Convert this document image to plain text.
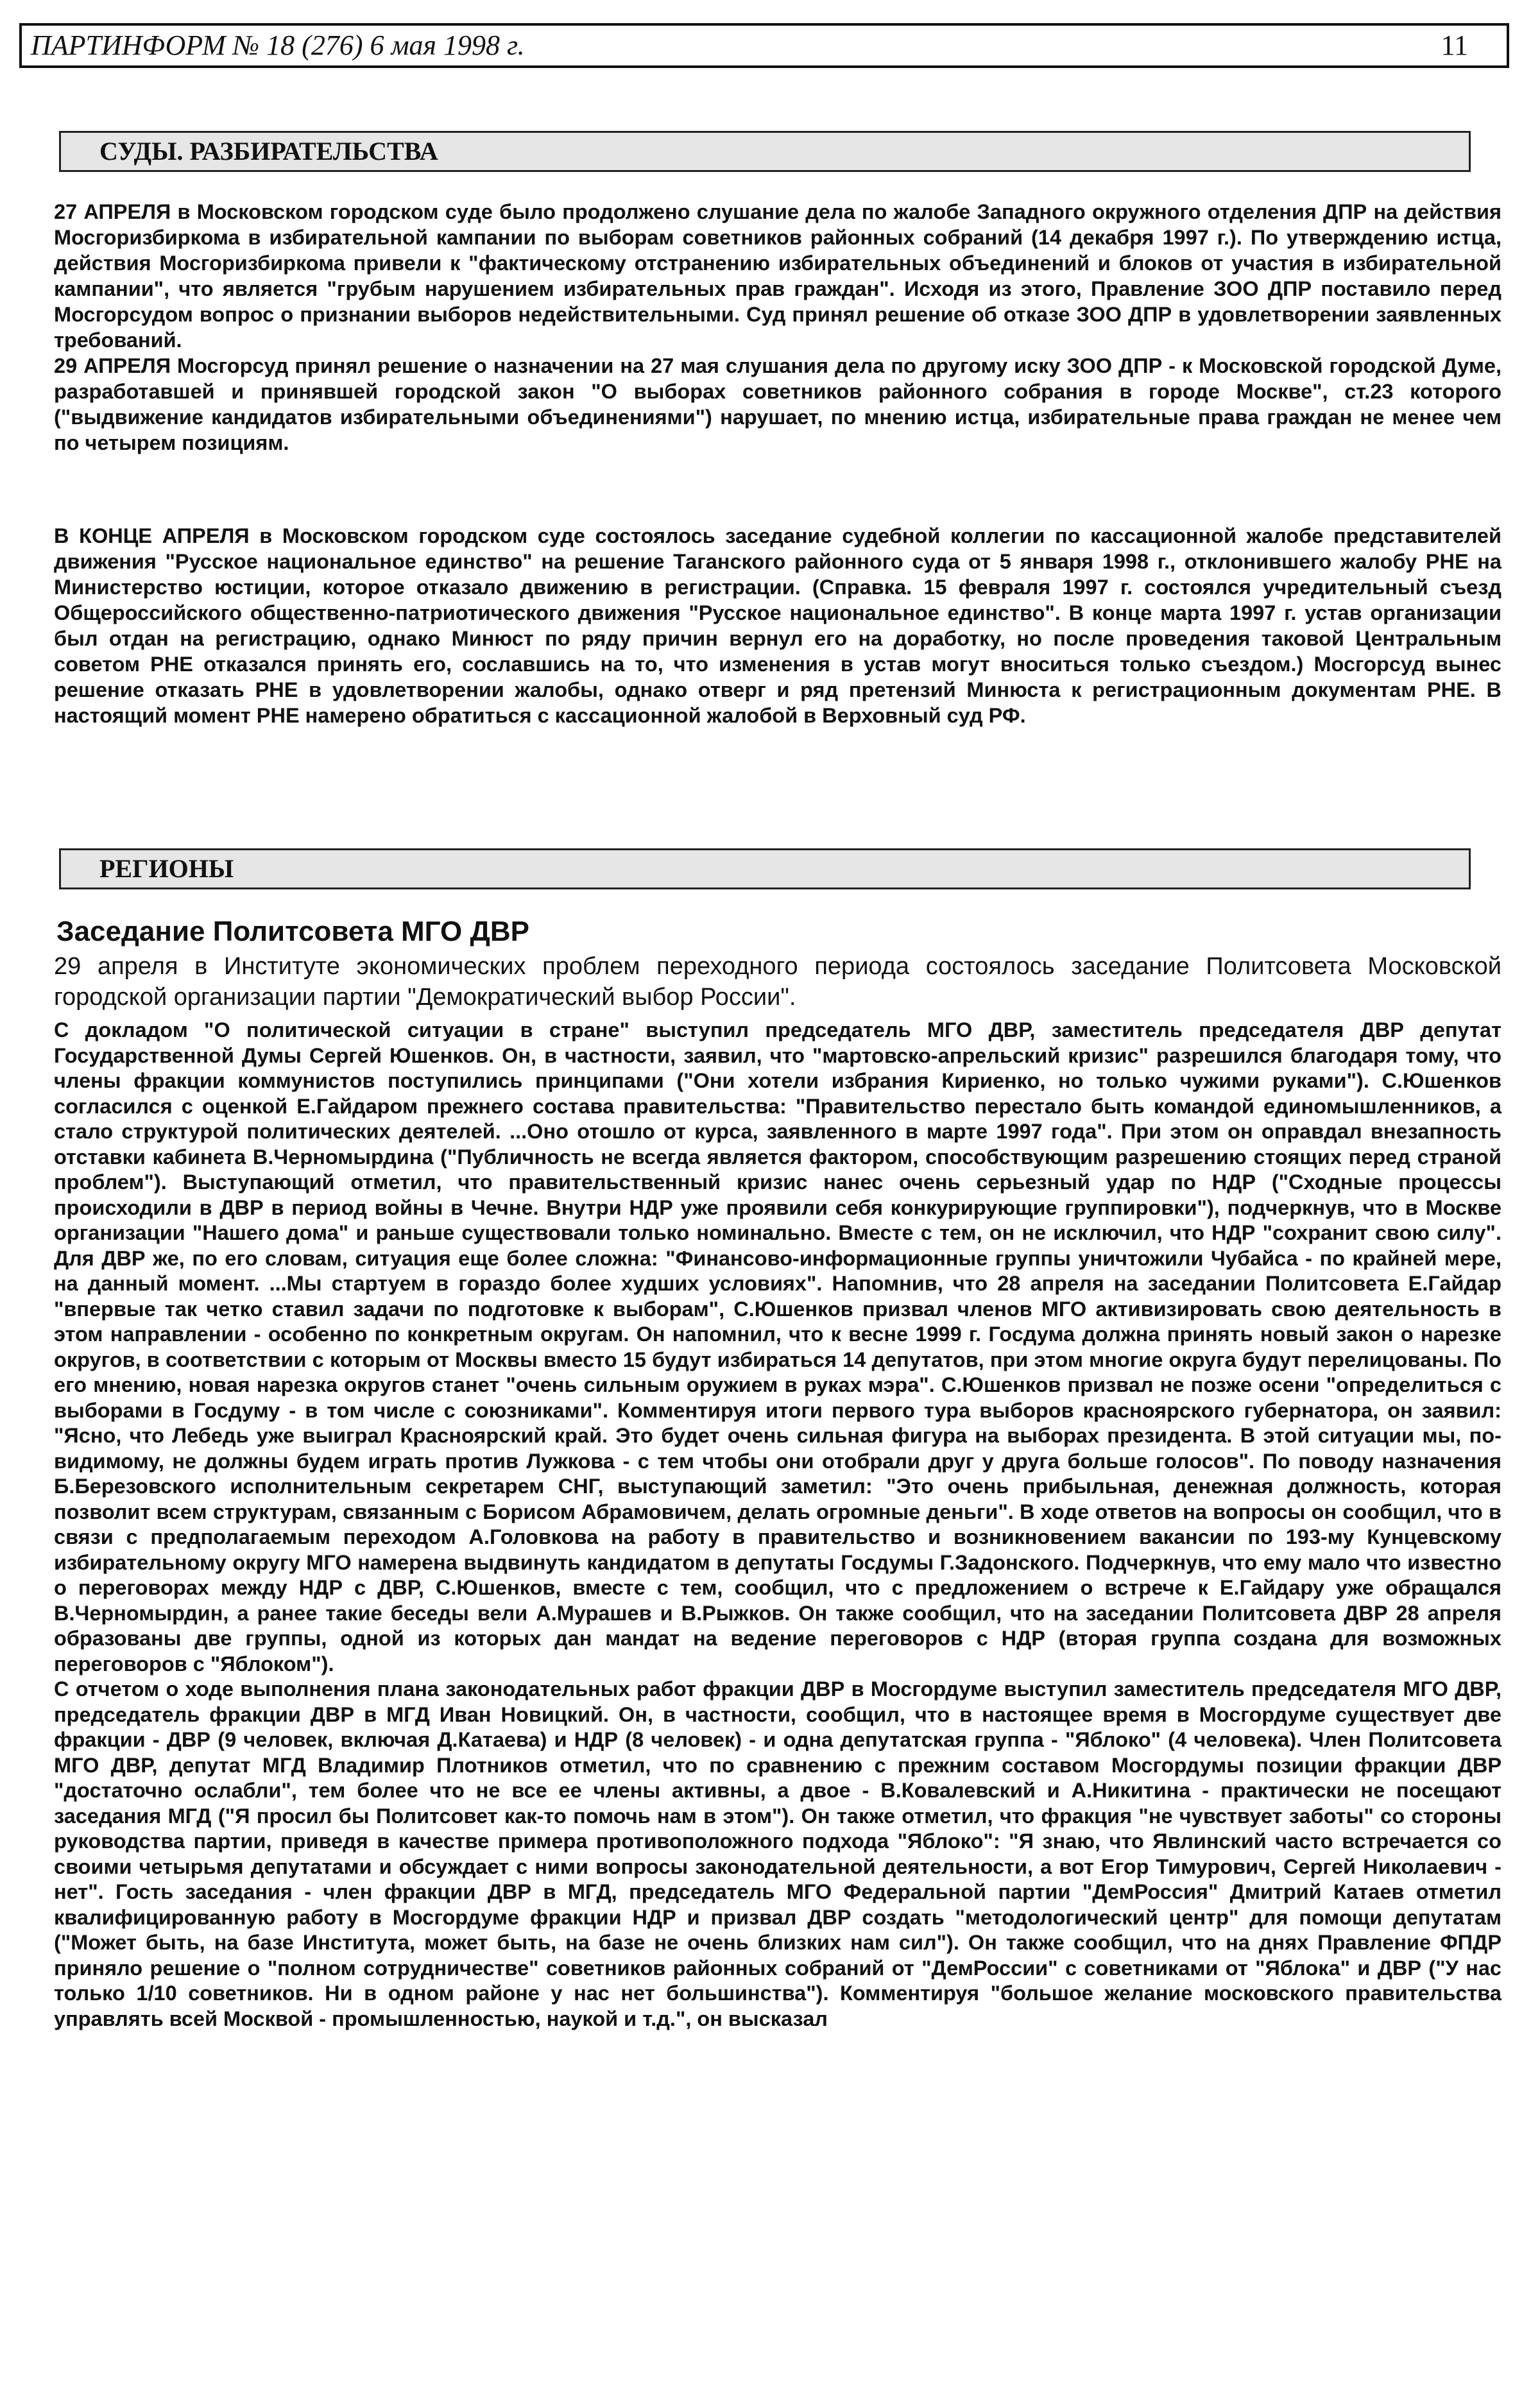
ПАРТИНФОРМ № 18 (276) 6 мая 1998 г.	11
СУДЫ. РАЗБИРАТЕЛЬСТВА

27 АПРЕЛЯ в Московском городском суде было продолжено слушание дела по жалобе Западного окружного отделения ДПР на действия Мосгоризбиркома в избирательной кампании по выборам советников районных собраний (14 декабря 1997 г.). По утверждению истца, действия Мосгоризбиркома привели к "фактическому отстранению избирательных объединений и блоков от участия в избирательной кампании", что является "грубым нарушением избирательных прав граждан". Исходя из этого, Правление ЗОО ДПР поставило перед Мосгорсудом вопрос о признании выборов недействительными. Суд принял решение об отказе ЗОО ДПР в удовлетворении заявленных требований.

29 АПРЕЛЯ Мосгорсуд принял решение о назначении на 27 мая слушания дела по другому иску ЗОО ДПР - к Московской городской Думе, разработавшей и принявшей городской закон "О выборах советников районного собрания в городе Москве", ст.23 которого ("выдвижение кандидатов избирательными объединениями") нарушает, по мнению истца, избирательные права граждан не менее чем по четырем позициям.

В КОНЦЕ АПРЕЛЯ в Московском городском суде состоялось заседание судебной коллегии по кассационной жалобе представителей движения "Русское национальное единство" на решение Таганского районного суда от 5 января 1998 г., отклонившего жалобу РНЕ на Министерство юстиции, которое отказало движению в регистрации. (Справка. 15 февраля 1997 г. состоялся учредительный съезд Общероссийского общественно-патриотического движения "Русское национальное единство". В конце марта 1997 г. устав организации был отдан на регистрацию, однако Минюст по ряду причин вернул его на доработку, но после проведения таковой Центральным советом РНЕ отказался принять его, сославшись на то, что изменения в устав могут вноситься только съездом.) Мосгорсуд вынес решение отказать РНЕ в удовлетворении жалобы, однако отверг и ряд претензий Минюста к регистрационным документам РНЕ. В настоящий момент РНЕ намерено обратиться с кассационной жалобой в Верховный суд РФ.

РЕГИОНЫ
Заседание Политсовета МГО ДВР

29 апреля в Институте экономических проблем переходного периода состоялось заседание Политсовета Московской городской организации партии "Демократический выбор России".

С докладом "О политической ситуации в стране" выступил председатель МГО ДВР, заместитель председателя ДВР депутат Государственной Думы Сергей Юшенков. Он, в частности, заявил, что "мартовско-апрельский кризис" разрешился благодаря тому, что члены фракции коммунистов поступились принципами ("Они хотели избрания Кириенко, но только чужими руками"). С.Юшенков согласился с оценкой Е.Гайдаром прежнего состава правительства: "Правительство перестало быть командой единомышленников, а стало структурой политических деятелей. ...Оно отошло от курса, заявленного в марте 1997 года". При этом он оправдал внезапность отставки кабинета В.Черномырдина ("Публичность не всегда является фактором, способствующим разрешению стоящих перед страной проблем"). Выступающий отметил, что правительственный кризис нанес очень серьезный удар по НДР ("Сходные процессы происходили в ДВР в период войны в Чечне. Внутри НДР уже проявили себя конкурирующие группировки"), подчеркнув, что в Москве организации "Нашего дома" и раньше существовали только номинально. Вместе с тем, он не исключил, что НДР "сохранит свою силу". Для ДВР же, по его словам, ситуация еще более сложна: "Финансово-информационные группы уничтожили Чубайса - по крайней мере, на данный момент. ...Мы стартуем в гораздо более худших условиях". Напомнив, что 28 апреля на заседании Политсовета Е.Гайдар "впервые так четко ставил задачи по подготовке к выборам", С.Юшенков призвал членов МГО активизировать свою деятельность в этом направлении - особенно по конкретным округам. Он напомнил, что к весне 1999 г. Госдума должна принять новый закон о нарезке округов, в соответствии с которым от Москвы вместо 15 будут избираться 14 депутатов, при этом многие округа будут перелицованы. По его мнению, новая нарезка округов станет "очень сильным оружием в руках мэра". С.Юшенков призвал не позже осени "определиться с выборами в Госдуму - в том числе с союзниками". Комментируя итоги первого тура выборов красноярского губернатора, он заявил: "Ясно, что Лебедь уже выиграл Красноярский край. Это будет очень сильная фигура на выборах президента. В этой ситуации мы, по-видимому, не должны будем играть против Лужкова - с тем чтобы они отобрали друг у друга больше голосов". По поводу назначения Б.Березовского исполнительным секретарем СНГ, выступающий заметил: "Это очень прибыльная, денежная должность, которая позволит всем структурам, связанным с Борисом Абрамовичем, делать огромные деньги". В ходе ответов на вопросы он сообщил, что в связи с предполагаемым переходом А.Головкова на работу в правительство и возникновением вакансии по 193-му Кунцевскому избирательному округу МГО намерена выдвинуть кандидатом в депутаты Госдумы Г.Задонского. Подчеркнув, что ему мало что известно о переговорах между НДР с ДВР, С.Юшенков, вместе с тем, сообщил, что с предложением о встрече к Е.Гайдару уже обращался В.Черномырдин, а ранее такие беседы вели А.Мурашев и В.Рыжков. Он также сообщил, что на заседании Политсовета ДВР 28 апреля образованы две группы, одной из которых дан мандат на ведение переговоров с НДР (вторая группа создана для возможных переговоров с "Яблоком").

С отчетом о ходе выполнения плана законодательных работ фракции ДВР в Мосгордуме выступил заместитель председателя МГО ДВР, председатель фракции ДВР в МГД Иван Новицкий. Он, в частности, сообщил, что в настоящее время в Мосгордуме существует две фракции - ДВР (9 человек, включая Д.Катаева) и НДР (8 человек) - и одна депутатская группа - "Яблоко" (4 человека). Член Политсовета МГО ДВР, депутат МГД Владимир Плотников отметил, что по сравнению с прежним составом Мосгордумы позиции фракции ДВР "достаточно ослабли", тем более что не все ее члены активны, а двое - В.Ковалевский и А.Никитина - практически не посещают заседания МГД ("Я просил бы Политсовет как-то помочь нам в этом"). Он также отметил, что фракция "не чувствует заботы" со стороны руководства партии, приведя в качестве примера противоположного подхода "Яблоко": "Я знаю, что Явлинский часто встречается со своими четырьмя депутатами и обсуждает с ними вопросы законодательной деятельности, а вот Егор Тимурович, Сергей Николаевич - нет". Гость заседания - член фракции ДВР в МГД, председатель МГО Федеральной партии "ДемРоссия" Дмитрий Катаев отметил квалифицированную работу в Мосгордуме фракции НДР и призвал ДВР создать "методологический центр" для помощи депутатам ("Может быть, на базе Института, может быть, на базе не очень близких нам сил"). Он также сообщил, что на днях Правление ФПДР приняло решение о "полном сотрудничестве" советников районных собраний от "ДемРоссии" с советниками от "Яблока" и ДВР ("У нас только 1/10 советников. Ни в одном районе у нас нет большинства"). Комментируя "большое желание московского правительства управлять всей Москвой - промышленностью, наукой и т.д.", он высказал
